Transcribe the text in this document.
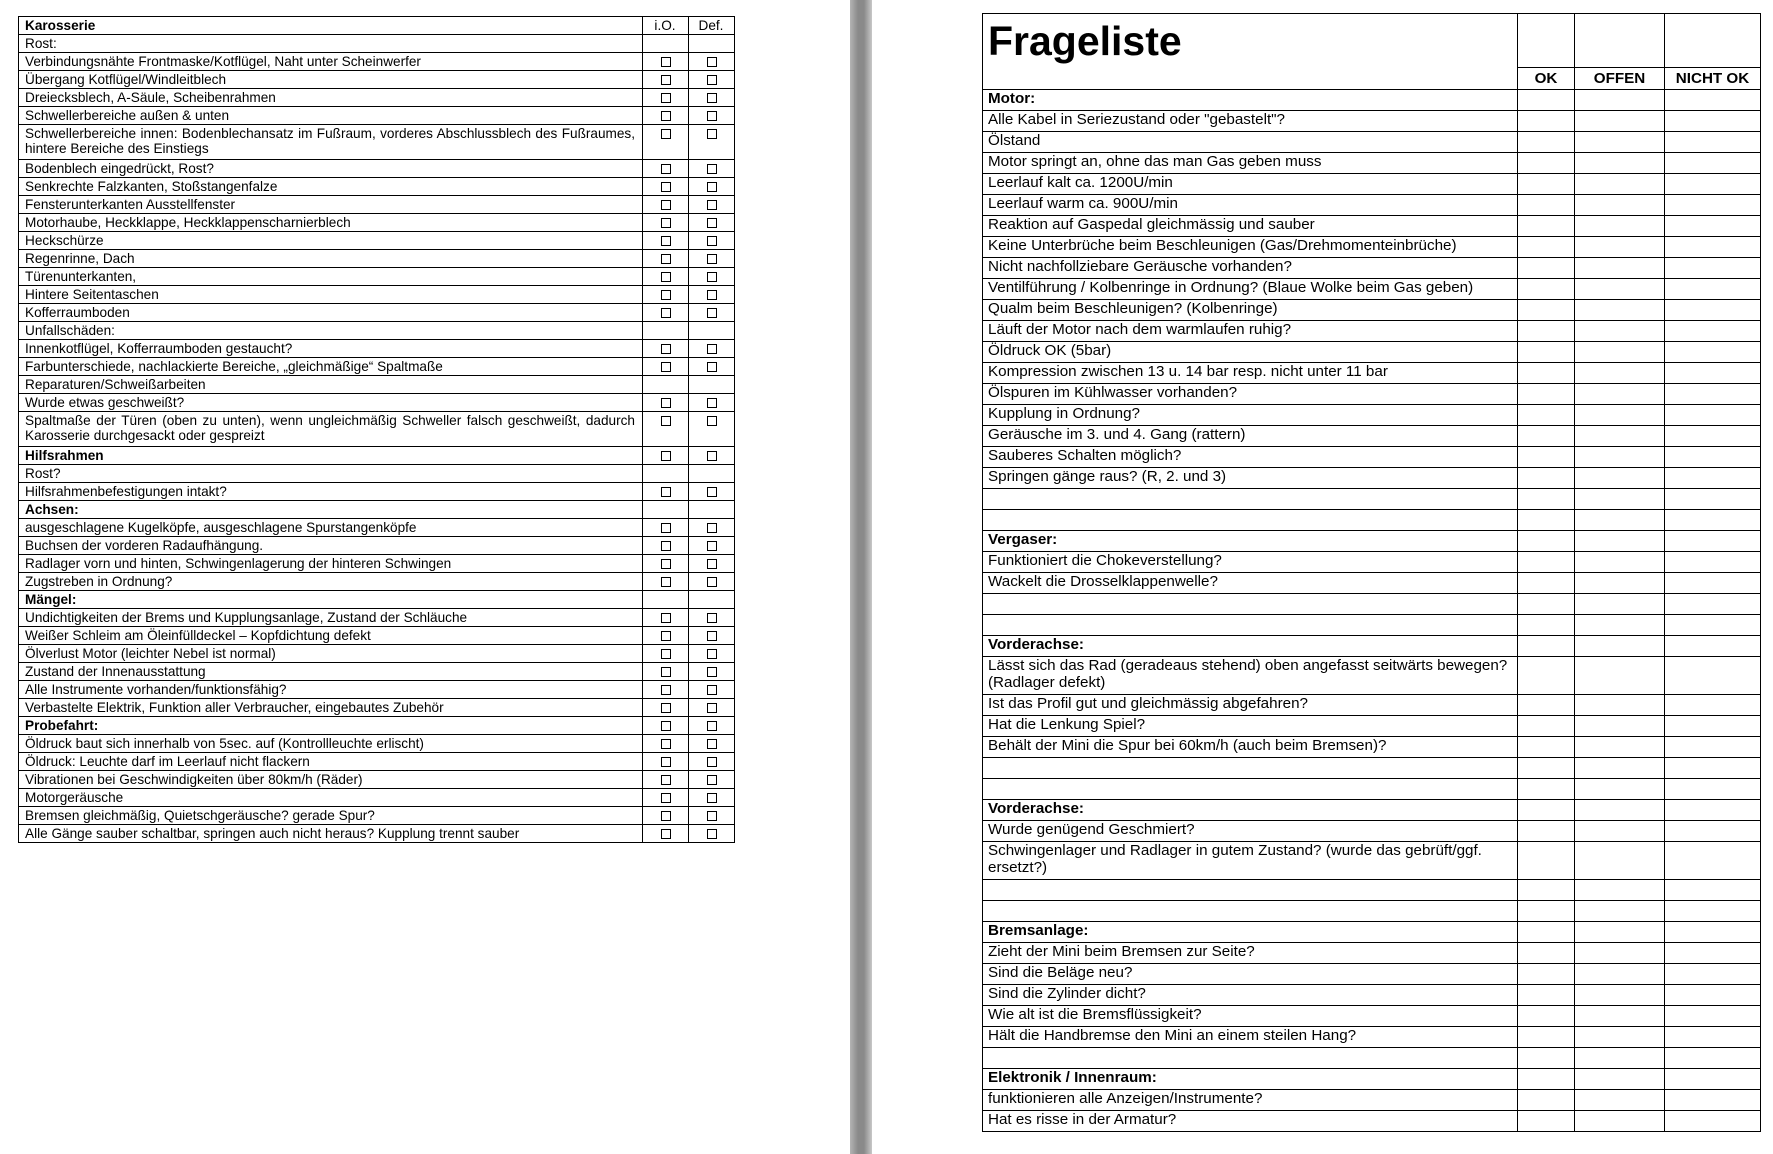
Karosserie	i.O.	Def.
Rost:		
Verbindungsnähte Frontmaske/Kotflügel, Naht unter Scheinwerfer		
Übergang Kotflügel/Windleitblech		
Dreiecksblech, A-Säule, Scheibenrahmen		
Schwellerbereiche außen & unten		
Schwellerbereiche innen: Bodenblechansatz im Fußraum, vorderes Abschlussblech des Fußraumes, hintere Bereiche des Einstiegs		
Bodenblech eingedrückt, Rost?		
Senkrechte Falzkanten, Stoßstangenfalze		
Fensterunterkanten Ausstellfenster		
Motorhaube, Heckklappe, Heckklappenscharnierblech		
Heckschürze		
Regenrinne, Dach		
Türenunterkanten,		
Hintere Seitentaschen		
Kofferraumboden		
Unfallschäden:		
Innenkotflügel, Kofferraumboden gestaucht?		
Farbunterschiede, nachlackierte Bereiche, „gleichmäßige“ Spaltmaße		
Reparaturen/Schweißarbeiten		
Wurde etwas geschweißt?		
Spaltmaße der Türen (oben zu unten), wenn ungleichmäßig Schweller falsch geschweißt, dadurch Karosserie durchgesackt oder gespreizt		
Hilfsrahmen		
Rost?		
Hilfsrahmenbefestigungen intakt?		
Achsen:		
ausgeschlagene Kugelköpfe, ausgeschlagene Spurstangenköpfe		
Buchsen der vorderen Radaufhängung.		
Radlager vorn und hinten, Schwingenlagerung der hinteren Schwingen		
Zugstreben in Ordnung?		
Mängel:		
Undichtigkeiten der Brems und Kupplungsanlage, Zustand der Schläuche		
Weißer Schleim am Öleinfülldeckel – Kopfdichtung defekt		
Ölverlust Motor (leichter Nebel ist normal)		
Zustand der Innenausstattung		
Alle Instrumente vorhanden/funktionsfähig?		
Verbastelte Elektrik, Funktion aller Verbraucher, eingebautes Zubehör		
Probefahrt:		
Öldruck baut sich innerhalb von 5sec. auf (Kontrollleuchte erlischt)		
Öldruck: Leuchte darf im Leerlauf nicht flackern		
Vibrationen bei Geschwindigkeiten über 80km/h (Räder)		
Motorgeräusche		
Bremsen gleichmäßig, Quietschgeräusche? gerade Spur?		
Alle Gänge sauber schaltbar, springen auch nicht heraus? Kupplung trennt sauber		
Frageliste			
	OK	OFFEN	NICHT OK
Motor:			
Alle Kabel in Seriezustand oder "gebastelt"?			
Ölstand			
Motor springt an, ohne das man Gas geben muss			
Leerlauf kalt ca. 1200U/min			
Leerlauf warm ca. 900U/min			
Reaktion auf Gaspedal gleichmässig und sauber			
Keine Unterbrüche beim Beschleunigen (Gas/Drehmomenteinbrüche)			
Nicht nachfollziebare Geräusche vorhanden?			
Ventilführung / Kolbenringe in Ordnung? (Blaue Wolke beim Gas geben)			
Qualm beim Beschleunigen? (Kolbenringe)			
Läuft der Motor nach dem warmlaufen ruhig?			
Öldruck OK (5bar)			
Kompression zwischen 13 u. 14 bar resp. nicht unter 11 bar			
Ölspuren im Kühlwasser vorhanden?			
Kupplung in Ordnung?			
Geräusche im 3. und 4. Gang (rattern)			
Sauberes Schalten möglich?			
Springen gänge raus? (R, 2. und 3)			

Vergaser:			
Funktioniert die Chokeverstellung?			
Wackelt die Drosselklappenwelle?			

Vorderachse:			
Lässt sich das Rad (geradeaus stehend) oben angefasst seitwärts bewegen? (Radlager defekt)			
Ist das Profil gut und gleichmässig abgefahren?			
Hat die Lenkung Spiel?			
Behält der Mini die Spur bei 60km/h (auch beim Bremsen)?			

Vorderachse:			
Wurde genügend Geschmiert?			
Schwingenlager und Radlager in gutem Zustand? (wurde das gebrüft/ggf. ersetzt?)			

Bremsanlage:			
Zieht der Mini beim Bremsen zur Seite?			
Sind die Beläge neu?			
Sind die Zylinder dicht?			
Wie alt ist die Bremsflüssigkeit?			
Hält die Handbremse den Mini an einem steilen Hang?			

Elektronik / Innenraum:			
funktionieren alle Anzeigen/Instrumente?			
Hat es risse in der Armatur?			
